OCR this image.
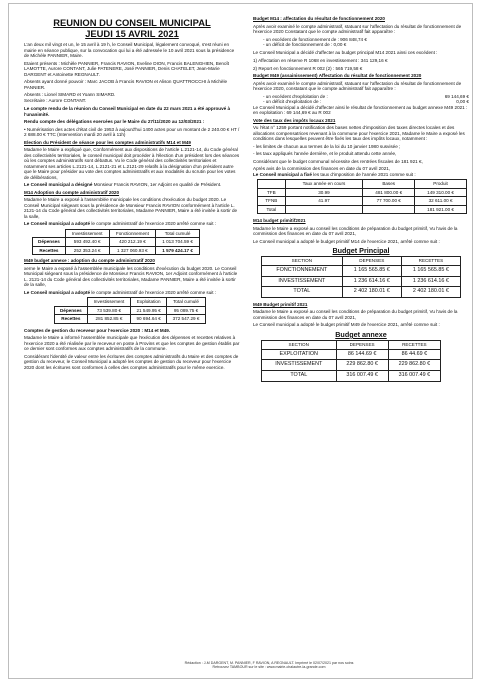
REUNION DU CONSEIL MUNICIPAL
JEUDI 15 AVRIL 2021

L'an deux mil vingt et un, le 15 avril à 19 h, le Conseil Municipal, légalement convoqué, s'est réuni en mairie en séance publique, sur la convocation qui lui a été adressée le 10 avril 2021 sous la présidence de Michèle PANNIER, Maire.

Etaient présents : Michèle PANNIER, Francis RAVION, Eveline DION, Francis BALENGHIEN, Benoît LAMOTTE, Aurore CONTANT, Julie PATENERE, José PANNIER, Denis CHATELET, Jean-Marie DARGENT et Antoinette REGNAULT.

Absents ayant donné pouvoir : Marc JACOB à Francis RAVION et Alison QUATTROCCHI à Michèle PANNIER.

Absents : Lionel SIMARD et Yoann SIMARD.

Secrétaire : Aurore CONTANT.

Le compte rendu de la réunion du Conseil Municipal en date du 22 mars 2021 a été approuvé à l'unanimité.

Rendu compte des délégations exercées par le Maire du 27/11/2020 au 12/03/2021 :

• Numérisation des actes d'état civil de 1953 à aujourd'hui 1400 actes pour un montant de 2 240.00 € HT / 2 688.00 € TTC (Intervention mardi 20 avril à 11h)

Election du Président de séance pour les comptes administratifs M14 et M49

Madame le Maire a expliqué que, Conformément aux dispositions de l'article L.2121-14, du Code général des collectivités territoriales, le conseil municipal doit procéder à l'élection d'un président lors des séances où les comptes administratifs sont débattus. Vu le Code général des collectivités territoriales et notamment ses articles L.2121-14, L.2121-21 et L.2121-29 relatifs à la désignation d'un président autre que le Maire pour présider au vote des comptes administratifs et aux modalités du scrutin pour les votes de délibérations,

Le Conseil municipal a désigné Monsieur Francis RAVION, 1er Adjoint en qualité de Président.

M14 Adoption du compte administratif 2020

Madame le Maire a exposé à l'assemblée municipale les conditions d'exécution du budget 2020. Le Conseil Municipal siégeant sous la présidence de Monsieur Francis RAVION conformément à l'article L. 2121-14 du Code général des collectivités territoriales, Madame PANNIER, Maire a été invitée à sortir de la salle,

Le Conseil municipal a adopté le compte administratif de l'exercice 2020 arrêté comme suit :

	Investissement	Fonctionnement	Total cumulé
Dépenses	593 492.40 €	420 212.19 €	1 013 704.59 €
Recettes	252 353.24 €	1 327 060.93 €	1 579 424.17 €

M49 budget annexe : adoption du compte administratif 2020

xerne le Maire a exposé à l'assemblée municipale les conditions d'exécution du budget 2020. Le Conseil Municipal siégeant sous la présidence de Monsieur Francis RAVION, 1er Adjoint conformément à l'article L. 2121-14 du Code général des collectivités territoriales, Madame PANNIER, Maire a été invitée à sortir de la salle,

Le Conseil municipal a adopté le compte administratif de l'exercice 2020 arrêté comme suit :

	Investissement	Exploitation	Total cumulé
Dépenses	73 539.80 €	21 549.95 €	95 089.75 €
Recettes	281 852.85 €	90 694.64 €	372 547.29 €

Comptes de gestion du receveur pour l'exercice 2020 : M14 et M49.

Madame le Maire a informé l'assemblée municipale que l'exécution des dépenses et recettes relatives à l'exercice 2020 a été réalisée par le receveur en poste à Provins et que les comptes de gestion établis par ce dernier sont conformes aux comptes administratifs de la commune.

Considérant l'identité de valeur entre les écritures des comptes administratifs du Maire et des comptes de gestion du receveur, le Conseil Municipal a adopté les comptes de gestion du receveur pour l'exercice 2020 dont les écritures sont conformes à celles des comptes administratifs pour le même exercice.

Budget M14 : affectation du résultat de fonctionnement 2020

Après avoir examiné le compte administratif, statuant sur l'affectation du résultat de fonctionnement de l'exercice 2020 Constatant que le compte administratif fait apparaître :

- un excédent de fonctionnement de : 906 848,74 €

- un déficit de fonctionnement de : 0,00 €

Le Conseil Municipal a décidé d'affecter au budget principal M14 2021 ainsi ces excédent :

1) Affectation en réserve R 1068 en investissement : 341 129,16 €

2) Report en fonctionnement R 002 (2) : 565 719,58 €

Budget M49 (assainissement) Affectation du résultat de fonctionnement 2020

Après avoir examiné le compte administratif, statuant sur l'affectation du résultat de fonctionnement de l'exercice 2020, constatant que le compte administratif fait apparaître :

- un excédent d'exploitation de :	69 144,69 €
- un déficit d'exploitation de :	0,00 €

Le Conseil Municipal a décidé d'affecter ainsi le résultat de fonctionnement au budget annexe M49 2021 : en exploitation : 69 144,69 € au R 002

Vote des taux des impôts locaux 2021

Vu l'état n° 1259 portant notification des bases nettes d'imposition des taxes directes locales et des allocations compensatrices revenant à la commune pour l'exercice 2021, Madame le Maire a exposé les conditions dans lesquelles peuvent être fixés les taux des impôts locaux, notamment :

- les limites de chacun aux termes de la loi du 10 janvier 1980 susvisée ;

- les taux appliqués l'année dernière, et le produit attendu cette année,

Considérant que le budget communal nécessite des rentrées fiscales de 181 921 €,

Après avis de la commission des finances en date du 07 avril 2021,

Le Conseil municipal a fixé les taux d'imposition de l'année 2021 comme suit :

	Taux année en cours	Bases	Produit
TFB	30.99	481 800.00 €	149 310.00 €
TFNB	41.97	77 700.00 €	32 611.00 €
Total			181 921.00 €

M14 budget primitif2021

Madame le Maire a exposé au conseil les conditions de préparation du budget primitif, Vu l'avis de la commission des finances en date du 07 avril 2021,

Le Conseil municipal a adopté le budget primitif M14 de l'exercice 2021, arrêté comme suit :

Budget Principal
SECTION	DEPENSES	RECETTES
FONCTIONNEMENT	1 165 565.85 €	1 165 565.85 €
INVESTISSEMENT	1 236 614.16 €	1 236 614.16 €
TOTAL	2 402 180.01 €	2 402 180.01 €

M49 Budget primitif 2021

Madame le Maire a exposé au conseil les conditions de préparation du budget primitif, Vu l'avis de la commission des finances en date du 07 avril 2021,

Le Conseil municipal a adopté le budget primitif M49 de l'exercice 2021, arrêté comme suit :

Budget annexe
SECTION	DEPENSES	RECETTES
EXPLOITATION	86 144.69 €	86 44.69 €
INVESTISSEMENT	229 862.80 €	229 862.80 €
TOTAL	316 007.49 €	316 007.49 €
Rédaction : J-M DARGENT, M. PANNIER, F RAVION, A REGNAULT. Imprimé le 02/07/2021 par nos soins
Retrouvez TAMBOUR sur le site : www.mairie-chalautre-la-grande.com
